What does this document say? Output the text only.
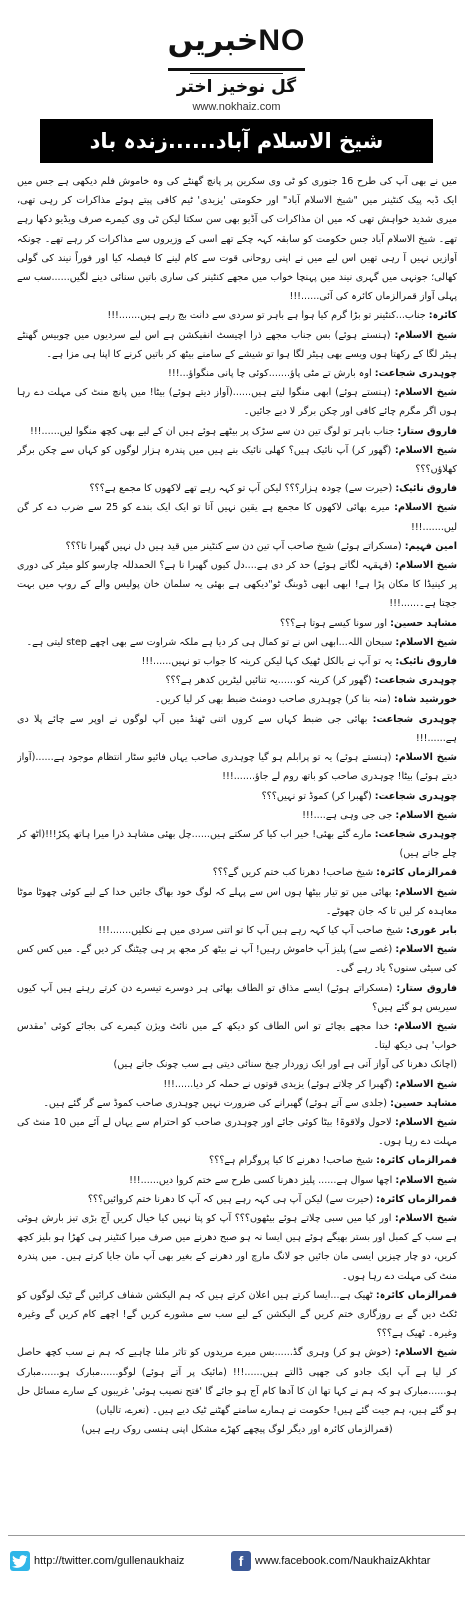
خبریںNO
گل نوخیز اختر
www.nokhaiz.com
شیخ الاسلام آباد......زندہ باد

میں نے بھی آپ کی طرح 16 جنوری کو ٹی وی سکرین پر پانچ گھنٹے کی وہ خاموش فلم دیکھی ہے جس میں ایک ڈبہ پیک کنٹینر میں "شیخ الاسلام آباد" اور حکومتی 'یزیدی' ٹیم کافی پیتے ہوئے مذاکرات کر رہی تھی، میری شدید خواہش تھی کہ میں ان مذاکرات کی آڈیو بھی سن سکتا لیکن ٹی وی کیمرے صرف ویڈیو دکھا رہے تھے۔ شیخ الاسلام آباد جس حکومت کو سابقہ کہہ چکے تھے اسی کے وزیروں سے مذاکرات کر رہے تھے۔ چونکہ آوازیں نہیں آ رہی تھیں اس لیے میں نے اپنی روحانی قوت سے کام لینے کا فیصلہ کیا اور فوراً نیند کی گولی کھالی؛ جونہی میں گہری نیند میں پہنچا خواب میں مجھے کنٹینر کی ساری باتیں سنائی دینے لگیں......سب سے پہلی آواز قمرالزماں کائرہ کی آئی......!!!

کائرہ: جناب...کنٹینر تو بڑا گرم کیا ہوا ہے باہر تو سردی سے دانت بج رہے ہیں.......!!!

شیخ الاسلام: (ہنستے ہوئے) بس جناب مجھے ذرا اچیسٹ انفیکشن ہے اس لیے سردیوں میں چوبیس گھنٹے ہیٹر لگا کے رکھتا ہوں ویسے بھی ہیٹر لگا ہوا تو شیشے کے سامنے بیٹھ کر باتیں کرنے کا اپنا ہی مزا ہے۔

چوہدری شجاعت: اوہ بارش تے مٹی پاؤ.......کوئی چا پانی منگواؤ...!!!

شیخ الاسلام: (ہنستے ہوئے) ابھی منگوا لیتے ہیں......(آواز دیتے ہوئے) بیٹا! میں پانچ منٹ کی مہلت دے رہا ہوں اگر مگرم چائے کافی اور چکن برگر لا دیے جائیں۔

فاروق ستار: جناب باہر تو لوگ تین دن سے سڑک پر بیٹھے ہوئے ہیں ان کے لیے بھی کچھ منگوا لیں......!!!

شیخ الاسلام: (گھور کر) آپ نائیک ہیں؟ کھلی نائیک بنے ہیں میں پندرہ ہزار لوگوں کو کہاں سے چکن برگر کھلاؤں؟؟؟

فاروق نائیک: (حیرت سے) چودہ ہزار؟؟؟ لیکن آپ تو کہہ رہے تھے لاکھوں کا مجمع ہے؟؟؟

شیخ الاسلام: میرے بھائی لاکھوں کا مجمع ہے یقین نہیں آتا تو ایک ایک بندے کو 25 سے ضرب دے کر گن لیں.......!!!

امین فہیم: (مسکراتے ہوئے) شیخ صاحب آپ تین دن سے کنٹینر میں قید ہیں دل نہیں گھبرا تا؟؟؟

شیخ الاسلام: (قہقہہ لگاتے ہوئے) حد کر دی ہے....دل کیوں گھبرا نا ہے؟ الحمدللہ چارسو کلو میٹر کی دوری پر کینیڈا کا مکان پڑا ہے! ابھی ابھی ڈوبنگ ٹو"دیکھی ہے بھئی یہ سلمان خان پولیس والے کے روپ میں بہت جچتا ہے۔......!!!

مشاہد حسین: اور سونا کیسے ہوتا ہے؟؟؟

شیخ الاسلام: سبحان اللہ...ابھی اس نے تو کمال ہی کر دیا ہے ملکہ شراوت سے بھی اچھے step لیتی ہے۔

فاروق نائیک: یہ تو آپ نے بالکل ٹھیک کہا لیکن کرینہ کا جواب تو نہیں......!!!

چوہدری شجاعت: (گھور کر) کرینہ کو......یہ تنائیں لیٹرین کدھر ہے؟؟؟

خورشید شاہ: (منہ بنا کر) چوہدری صاحب دومنٹ ضبط بھی کر لیا کریں۔

چوہدری شجاعت: بھائی جی ضبط کہاں سے کروں اتنی ٹھنڈ میں آپ لوگوں نے اوپر سے چائے پلا دی ہے......!!!

شیخ الاسلام: (ہنستے ہوئے) یہ تو پرابلم ہو گیا چوہدری صاحب یہاں فائیو سٹار انتظام موجود ہے......(آواز دیتے ہوئے) بیٹا! چوہدری صاحب کو باتھ روم لے جاؤ.......!!!

چوہدری شجاعت: (گھبرا کر) کموڈ تو نہیں؟؟؟

شیخ الاسلام: جی جی وہی ہے....!!!

چوہدری شجاعت: مارے گئے بھئی! خیر اب کیا کر سکتے ہیں......چل بھئی مشاہد ذرا میرا ہاتھ پکڑ!!!(اٹھ کر چلے جاتے ہیں)

قمرالزماں کائرہ: شیخ صاحب! دھرنا کب ختم کریں گے؟؟؟

شیخ الاسلام: بھائی میں تو تیار بیٹھا ہوں اس سے پہلے کہ لوگ خود بھاگ جائیں خدا کے لیے کوئی چھوٹا موٹا معاہدہ کر لیں تا کہ جان چھوٹے۔

بابر غوری: شیخ صاحب آپ کیا کہہ رہے ہیں آپ کا تو اتنی سردی میں ہے نکلیں.......!!!

شیخ الاسلام: (غصے سے) پلیز آپ خاموش رہیں! آپ نے بیٹھ کر مجھ پر ہی چیٹنگ کر دیں گے۔ میں کس کس کی سیٹی سنوں؟ یاد رہے گی۔

فاروق ستار: (مسکراتے ہوئے) ایسے مذاق تو الطاف بھائی ہر دوسرے تیسرے دن کرتے رہتے ہیں آپ کیوں سیریس ہو گئے ہیں؟

شیخ الاسلام: خدا مجھے بچائے تو اس الطاف کو دیکھ کے میں نائٹ ویژن کیمرے کی بجائے کوئی 'مقدس خواب' ہی دیکھ لیتا۔

(اچانک دھرنا کی آواز آتی ہے اور ایک زوردار چیخ سنائی دیتی ہے سب چونک جاتے ہیں)

شیخ الاسلام: (گھبرا کر چلاتے ہوئے) یزیدی قوتوں نے حملہ کر دیا......!!!

مشاہد حسین: (جلدی سے آتے ہوئے) گھبرانے کی ضرورت نہیں چوہدری صاحب کموڈ سے گر گئے ہیں۔

شیخ الاسلام: لاحول ولاقوۃ! بیٹا کوئی جائے اور چوہدری صاحب کو احترام سے یہاں لے آئے میں 10 منٹ کی مہلت دے رہا ہوں۔

قمرالزماں کائرہ: شیخ صاحب! دھرنے کا کیا پروگرام ہے؟؟؟

شیخ الاسلام: اچھا سوال ہے...... پلیز دھرنا کسی طرح سے ختم کروا دیں......!!!

قمرالزماں کائرہ: (حیرت سے) لیکن آپ ہی کہہ رہے ہیں کہ آپ کا دھرنا ختم کروائیں؟؟؟

شیخ الاسلام: اور کیا میں سبی چلاتے ہوئے بیٹھوں؟؟؟ آپ کو پتا نہیں کیا خیال کریں آج بڑی تیز بارش ہوئی ہے سب کے کمبل اور بستر بھیگے ہوئے ہیں ایسا نہ ہو صبح دھرنے میں صرف میرا کنٹینر ہی کھڑا ہو بلیز کچھ کریں، دو چار چیزیں ایسی مان جائیں جو لانگ مارچ اور دھرنے کے بغیر بھی آپ مان جایا کرتے ہیں۔ میں پندرہ منٹ کی مہلت دے رہا ہوں۔

قمرالزماں کائرہ: ٹھیک ہے...ایسا کرتے ہیں اعلان کرتے ہیں کہ ہم الیکشن شفاف کرائیں گے ٹیک لوگوں کو ٹکٹ دیں گے بے روزگاری ختم کریں گے الیکشن کے لیے سب سے مشورے کریں گے! اچھے کام کریں گے وغیرہ وغیرہ۔ ٹھیک ہے؟؟؟

شیخ الاسلام: (خوش ہو کر) وہری گڈ......بس میرے مریدوں کو تاثر ملنا چاہیے کہ ہم نے سب کچھ حاصل کر لیا ہے آپ ایک جادو کی جھپی ڈالتے ہیں......!!! (مائیک پر آتے ہوئے) لوگو......مبارک ہو......مبارک ہو......مبارک ہو کہ ہم نے کہا تھا ان کا آدھا کام آج ہو جائے گا 'فتح نصیب ہوئی' غریبوں کے سارے مسائل حل ہو گئے ہیں، ہم جیت گئے ہیں! حکومت نے ہمارے سامنے گھٹنے ٹیک دیے ہیں۔ (نعرے، تالیاں)

(قمرالزماں کائرہ اور دیگر لوگ پیچھے کھڑے مشکل اپنی ہنسی روک رہے ہیں)

http://twitter.com/gullenaukhaiz	f	www.facebook.com/NaukhaizAkhtar
